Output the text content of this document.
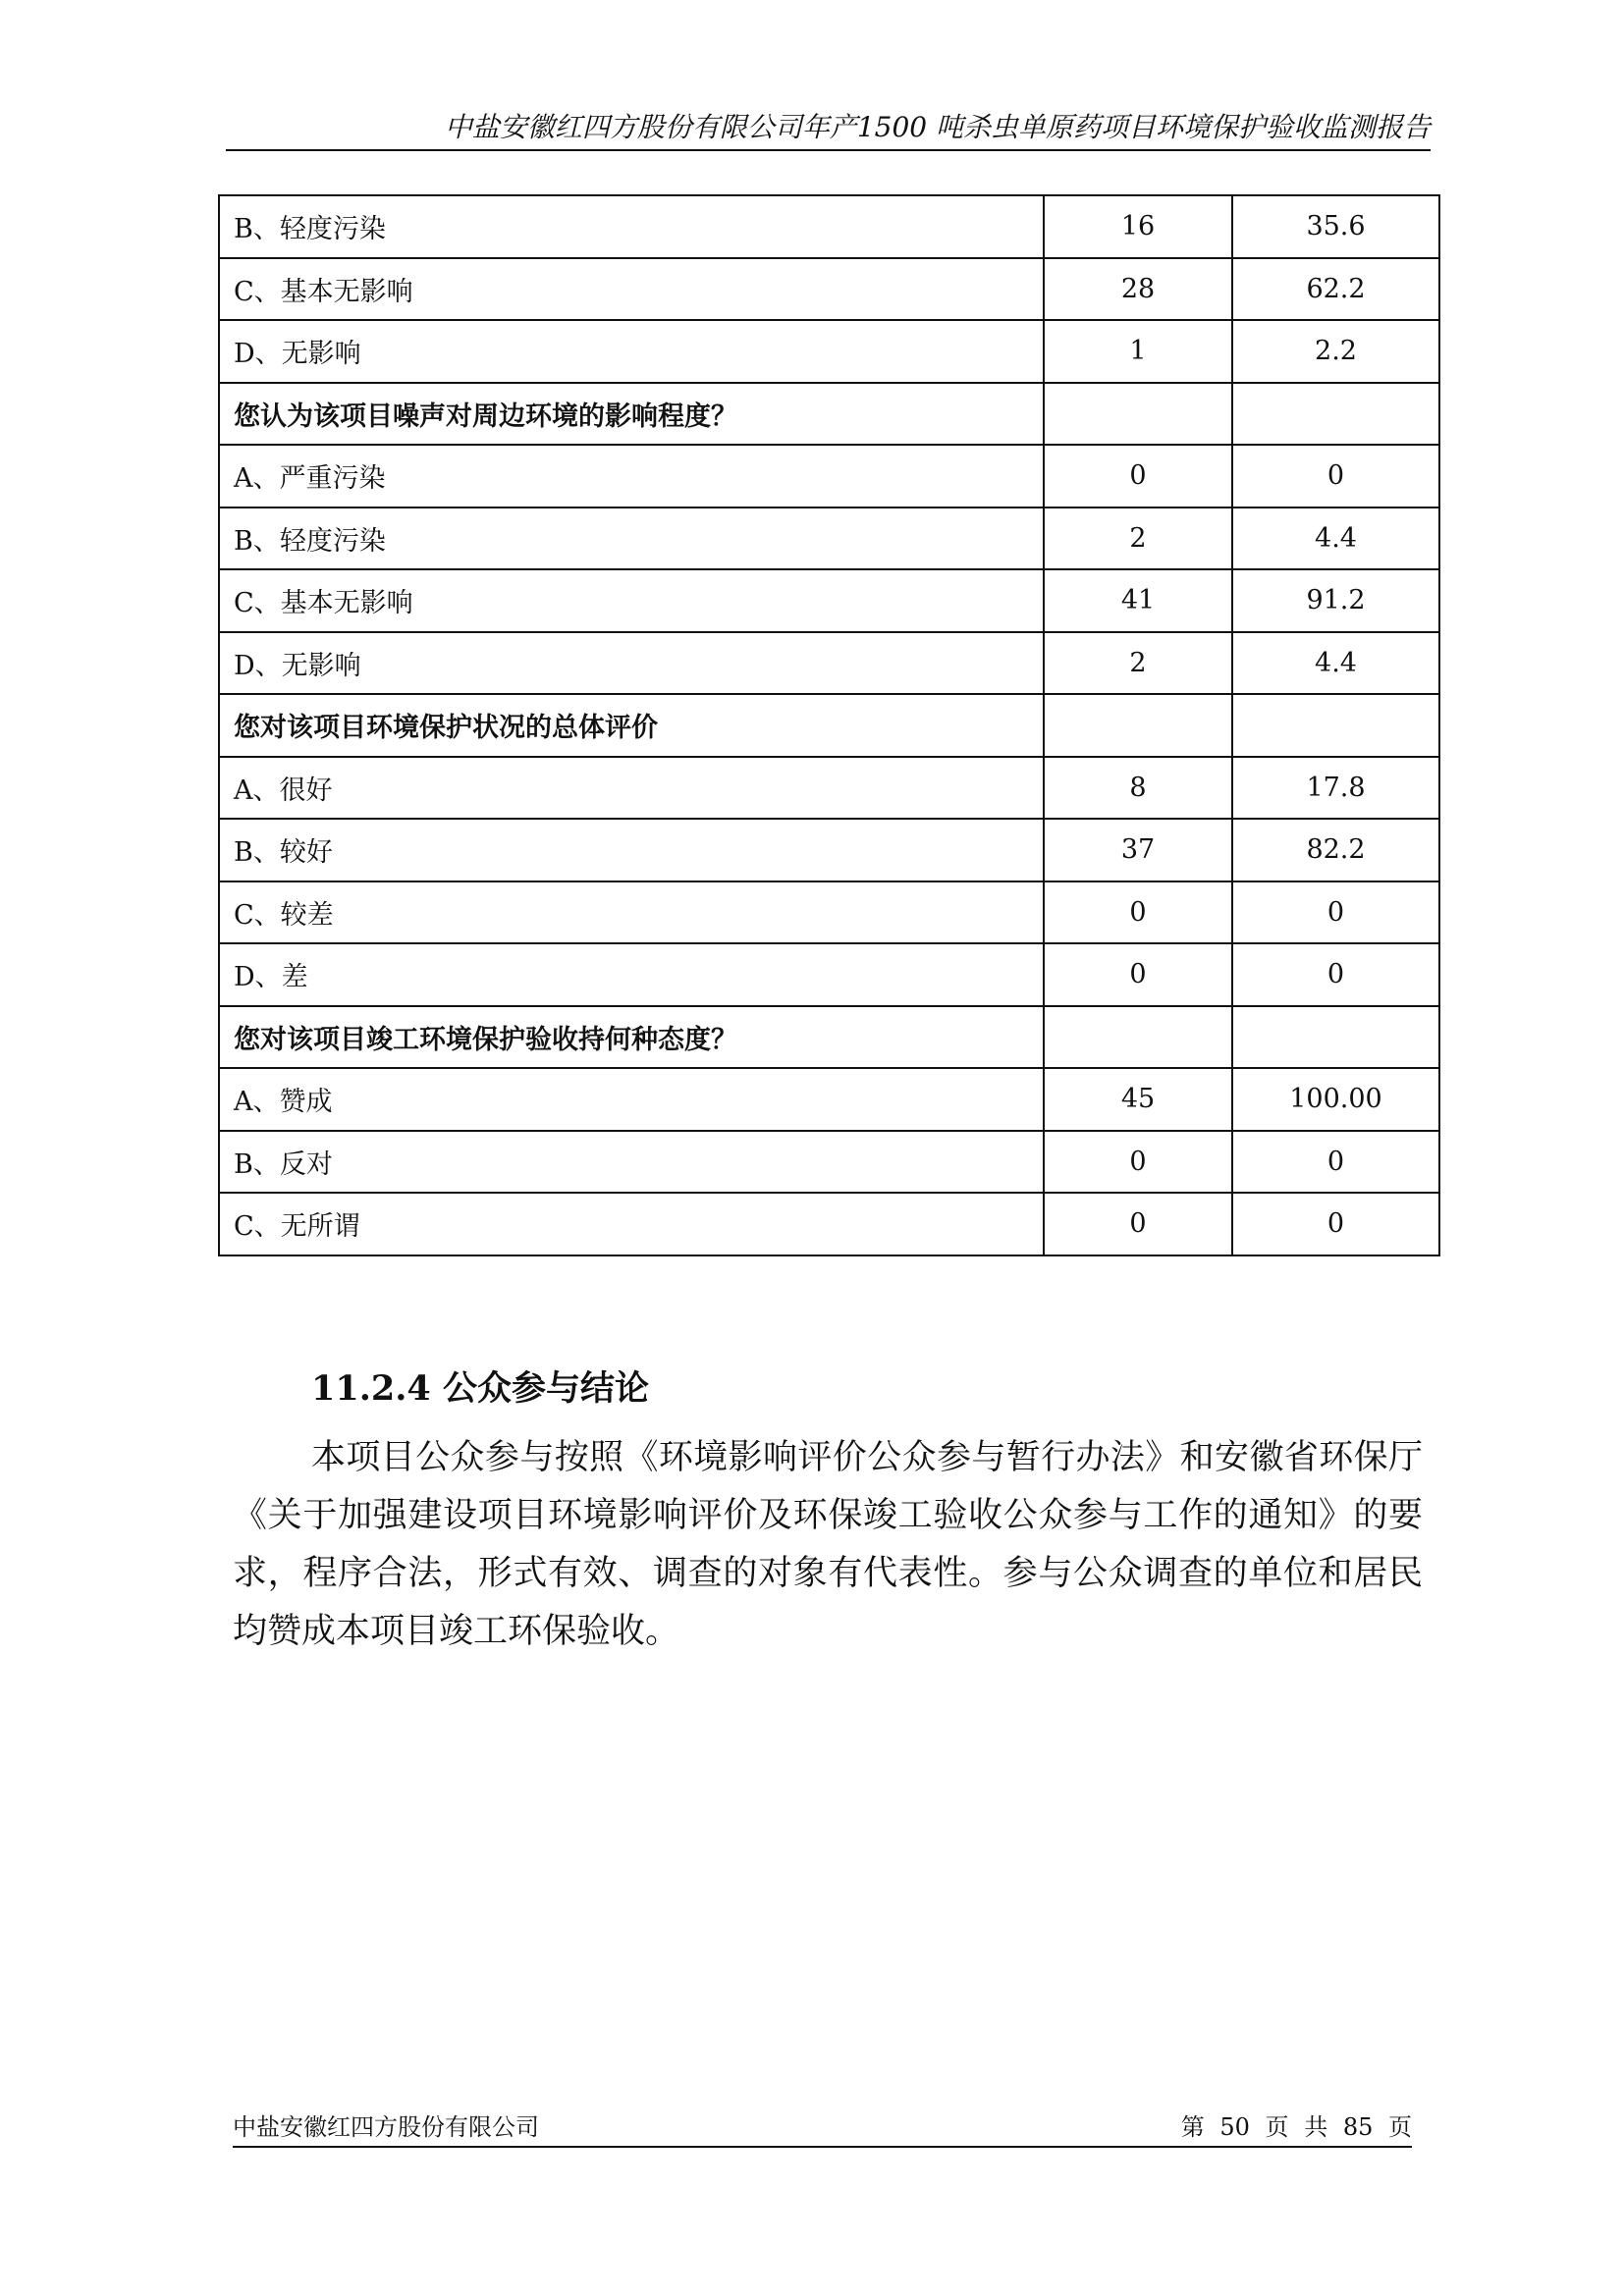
中盐安徽红四方股份有限公司年产1500 吨杀虫单原药项目环境保护验收监测报告
B、轻度污染	16	35.6
C、基本无影响	28	62.2
D、无影响	1	2.2
您认为该项目噪声对周边环境的影响程度？		
A、严重污染	0	0
B、轻度污染	2	4.4
C、基本无影响	41	91.2
D、无影响	2	4.4
您对该项目环境保护状况的总体评价		
A、很好	8	17.8
B、较好	37	82.2
C、较差	0	0
D、差	0	0
您对该项目竣工环境保护验收持何种态度？		
A、赞成	45	100.00
B、反对	0	0
C、无所谓	0	0
11.2.4 公众参与结论
本项目公众参与按照《环境影响评价公众参与暂行办法》和安徽省环保厅《关于加强建设项目环境影响评价及环保竣工验收公众参与工作的通知》的要求，程序合法，形式有效、调查的对象有代表性。参与公众调查的单位和居民均赞成本项目竣工环保验收。
中盐安徽红四方股份有限公司	第 50 页 共 85 页
